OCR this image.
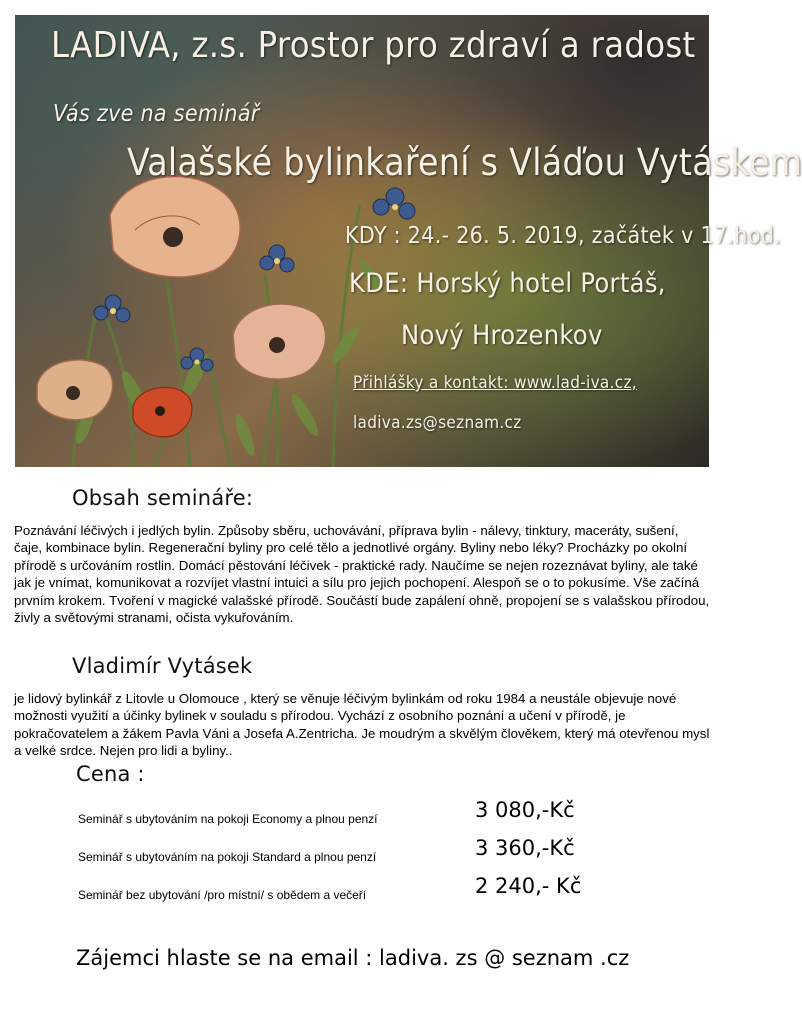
LADIVA, z.s. Prostor pro zdraví a radost
Vás zve na seminář
Valašské bylinkaření s Vláďou Vytáskem
KDY : 24.- 26. 5. 2019, začátek v 17.hod.
KDE: Horský hotel Portáš,
Nový Hrozenkov
Přihlášky a kontakt: www.lad-iva.cz,
ladiva.zs@seznam.cz
Obsah semináře:

Poznávání léčivých i jedlých bylin. Způsoby sběru, uchovávání, příprava bylin - nálevy, tinktury, maceráty, sušení, čaje, kombinace bylin. Regenerační byliny pro celé tělo a jednotlivé orgány. Byliny nebo léky? Procházky po okolní přírodě s určováním rostlin. Domácí pěstování léčivek - praktické rady. Naučíme se nejen rozeznávat byliny, ale také jak je vnímat, komunikovat a rozvíjet vlastní intuici a sílu pro jejich pochopení. Alespoň se o to pokusíme. Vše začíná prvním krokem. Tvoření v magické valašské přírodě. Součástí bude zapálení ohně, propojení se s valašskou přírodou, živly a světovými stranami, očista vykuřováním.

Vladimír Vytásek

je lidový bylinkář z Litovle u Olomouce , který se věnuje léčivým bylinkám od roku 1984 a neustále objevuje nové možnosti využití a účinky bylinek v souladu s přírodou. Vychází z osobního poznání a učení v přírodě, je pokračovatelem a žákem Pavla Váni a Josefa A.Zentricha. Je moudrým a skvělým člověkem, který má otevřenou mysl a velké srdce. Nejen pro lidi a byliny..

Cena :
Seminář s ubytováním na pokoji Economy a plnou penzí	3 080,-Kč
Seminář s ubytováním na pokoji Standard a plnou penzí	3 360,-Kč
Seminář bez ubytování /pro místní/ s obědem a večeří	2 240,- Kč
Zájemci hlaste se na email : ladiva. zs @ seznam .cz
